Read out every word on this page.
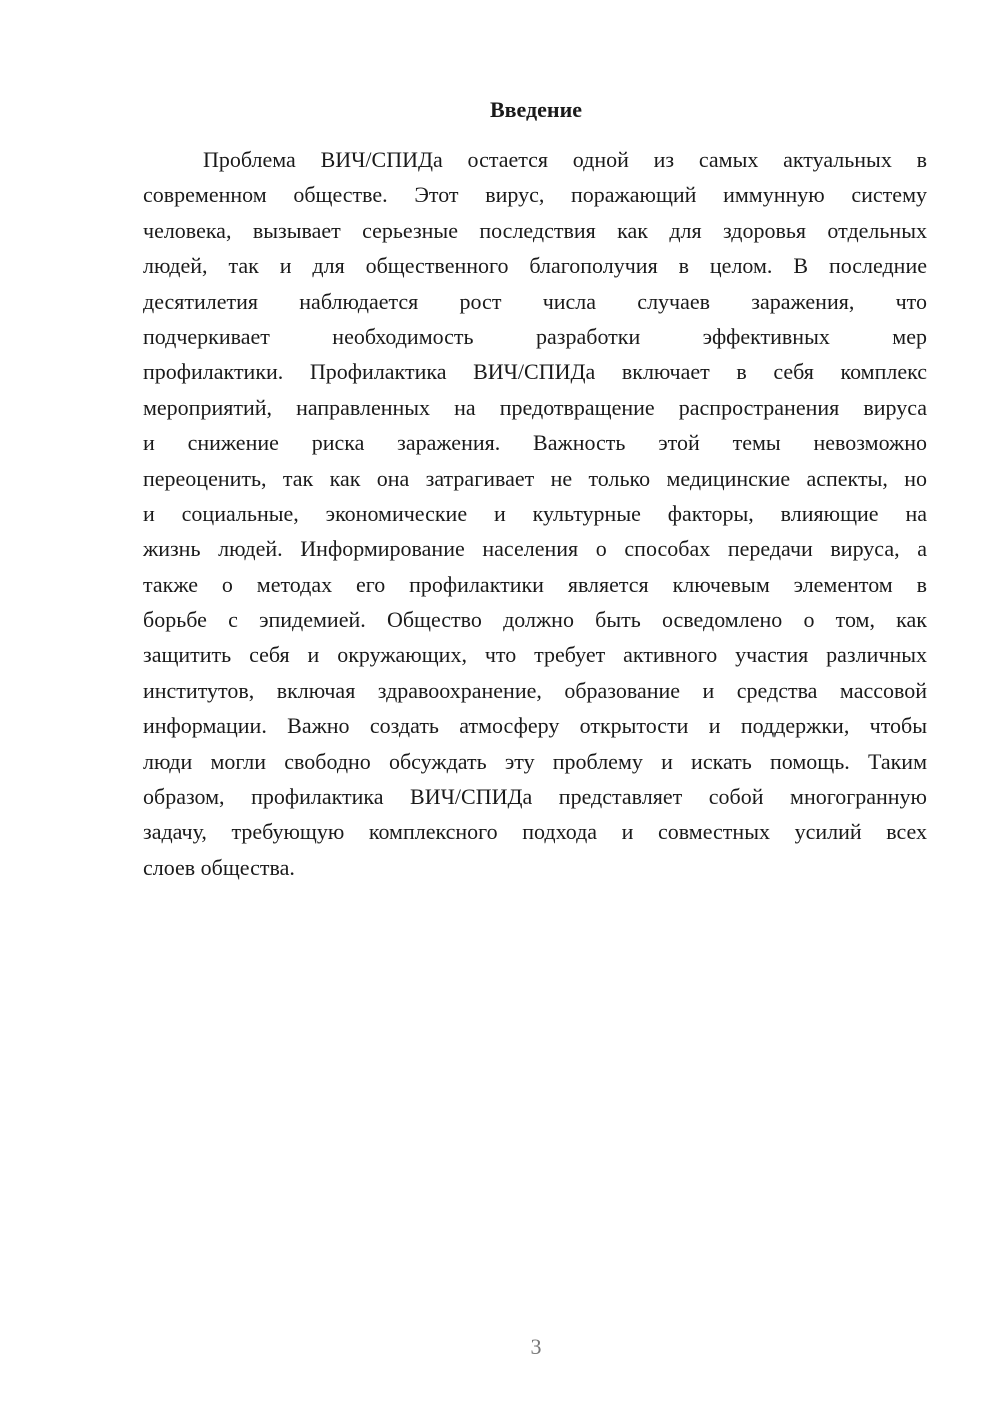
Введение
Проблема ВИЧ/СПИДа остается одной из самых актуальных в
современном обществе. Этот вирус, поражающий иммунную систему
человека, вызывает серьезные последствия как для здоровья отдельных
людей, так и для общественного благополучия в целом. В последние
десятилетия наблюдается рост числа случаев заражения, что
подчеркивает необходимость разработки эффективных мер
профилактики. Профилактика ВИЧ/СПИДа включает в себя комплекс
мероприятий, направленных на предотвращение распространения вируса
и снижение риска заражения. Важность этой темы невозможно
переоценить, так как она затрагивает не только медицинские аспекты, но
и социальные, экономические и культурные факторы, влияющие на
жизнь людей. Информирование населения о способах передачи вируса, а
также о методах его профилактики является ключевым элементом в
борьбе с эпидемией. Общество должно быть осведомлено о том, как
защитить себя и окружающих, что требует активного участия различных
институтов, включая здравоохранение, образование и средства массовой
информации. Важно создать атмосферу открытости и поддержки, чтобы
люди могли свободно обсуждать эту проблему и искать помощь. Таким
образом, профилактика ВИЧ/СПИДа представляет собой многогранную
задачу, требующую комплексного подхода и совместных усилий всех
слоев общества.
3
